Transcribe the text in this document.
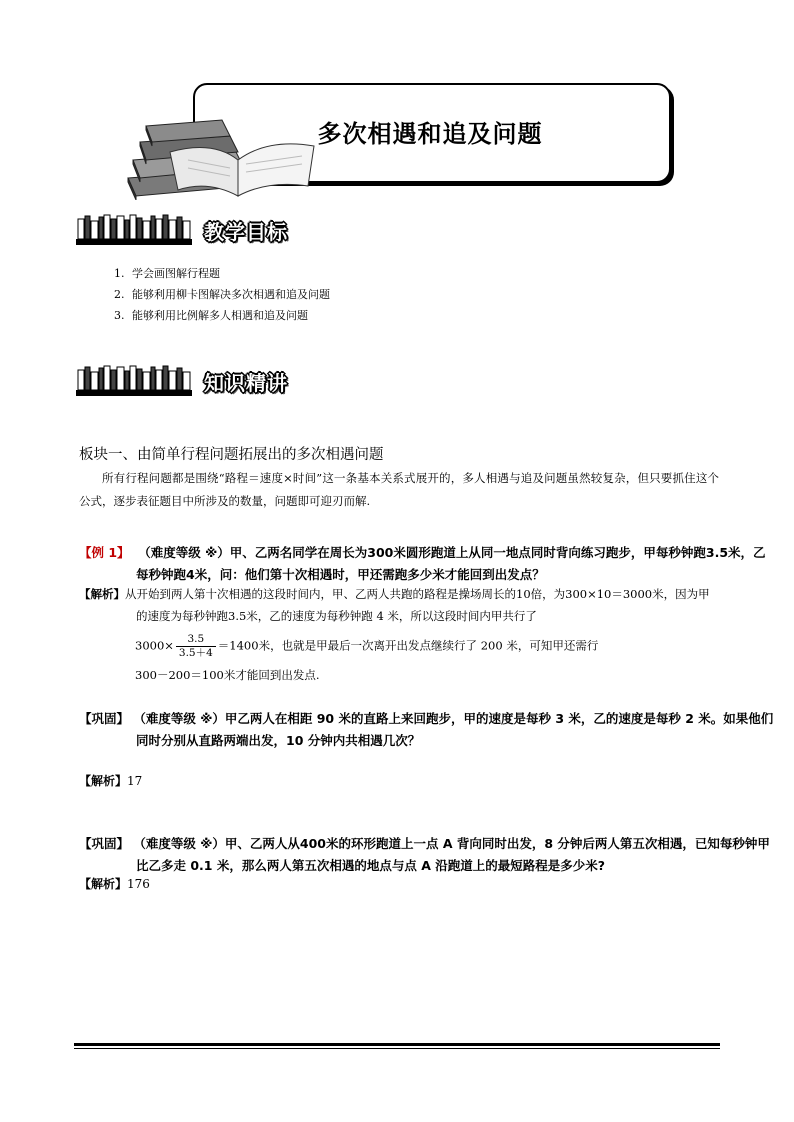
多次相遇和追及问题
教学目标
1. 学会画图解行程题
2. 能够利用柳卡图解决多次相遇和追及问题
3. 能够利用比例解多人相遇和追及问题
知识精讲
板块一、由简单行程问题拓展出的多次相遇问题
所有行程问题都是围绕“路程＝速度×时间”这一条基本关系式展开的，多人相遇与追及问题虽然较复杂，但只要抓住这个公式，逐步表征题目中所涉及的数量，问题即可迎刃而解.
【例 1】 （难度等级 ※）甲、乙两名同学在周长为300米圆形跑道上从同一地点同时背向练习跑步，甲每秒钟跑3.5米，乙每秒钟跑4米，问：他们第十次相遇时，甲还需跑多少米才能回到出发点？
【解析】从开始到两人第十次相遇的这段时间内，甲、乙两人共跑的路程是操场周长的10倍，为300×10＝3000米，因为甲的速度为每秒钟跑3.5米，乙的速度为每秒钟跑 4 米，所以这段时间内甲共行了
$3000\times \frac{3.5}{3.5+4} =1400$米，也就是甲最后一次离开出发点继续行了 200 米，可知甲还需行
300－200＝100米才能回到出发点.
【巩固】 （难度等级 ※）甲乙两人在相距 90 米的直路上来回跑步，甲的速度是每秒 3 米，乙的速度是每秒 2 米。如果他们同时分别从直路两端出发，10 分钟内共相遇几次？
【解析】17
【巩固】 （难度等级 ※）甲、乙两人从400米的环形跑道上一点 A 背向同时出发，8 分钟后两人第五次相遇，已知每秒钟甲比乙多走 0.1 米，那么两人第五次相遇的地点与点 A 沿跑道上的最短路程是多少米?
【解析】176
